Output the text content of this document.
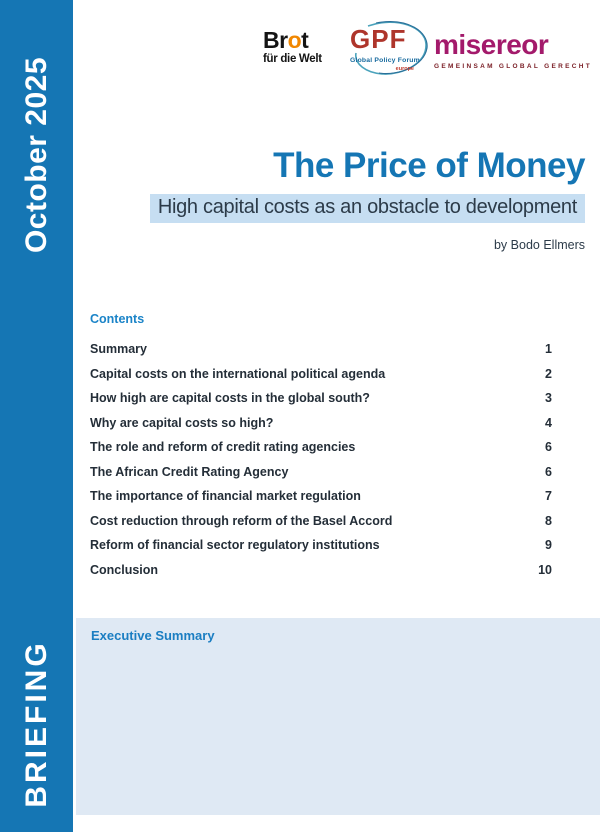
October 2025
BRIEFING
Brot
für die Welt
GPF
Global Policy Forum
europe
misereor
GEMEINSAM GLOBAL GERECHT
The Price of Money
High capital costs as an obstacle to development
by Bodo Ellmers
Contents
Summary	1
Capital costs on the international political agenda	2
How high are capital costs in the global south?	3
Why are capital costs so high?	4
The role and reform of credit rating agencies	6
The African Credit Rating Agency	6
The importance of financial market regulation	7
Cost reduction through reform of the Basel Accord	8
Reform of financial sector regulatory institutions	9
Conclusion	10
Executive Summary
